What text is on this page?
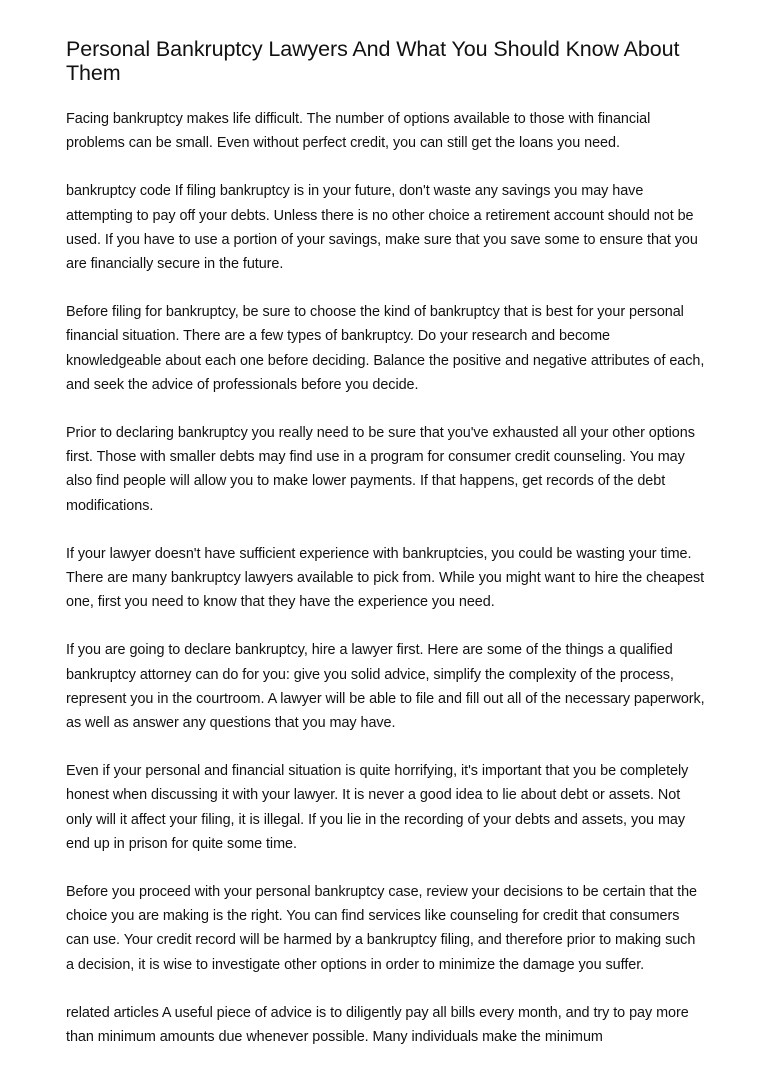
Personal Bankruptcy Lawyers And What You Should Know About Them

Facing bankruptcy makes life difficult. The number of options available to those with financial problems can be small. Even without perfect credit, you can still get the loans you need.

bankruptcy code If filing bankruptcy is in your future, don't waste any savings you may have attempting to pay off your debts. Unless there is no other choice a retirement account should not be used. If you have to use a portion of your savings, make sure that you save some to ensure that you are financially secure in the future.

Before filing for bankruptcy, be sure to choose the kind of bankruptcy that is best for your personal financial situation. There are a few types of bankruptcy. Do your research and become knowledgeable about each one before deciding. Balance the positive and negative attributes of each, and seek the advice of professionals before you decide.

Prior to declaring bankruptcy you really need to be sure that you've exhausted all your other options first. Those with smaller debts may find use in a program for consumer credit counseling. You may also find people will allow you to make lower payments. If that happens, get records of the debt modifications.

If your lawyer doesn't have sufficient experience with bankruptcies, you could be wasting your time. There are many bankruptcy lawyers available to pick from. While you might want to hire the cheapest one, first you need to know that they have the experience you need.

If you are going to declare bankruptcy, hire a lawyer first. Here are some of the things a qualified bankruptcy attorney can do for you: give you solid advice, simplify the complexity of the process, represent you in the courtroom. A lawyer will be able to file and fill out all of the necessary paperwork, as well as answer any questions that you may have.

Even if your personal and financial situation is quite horrifying, it's important that you be completely honest when discussing it with your lawyer. It is never a good idea to lie about debt or assets. Not only will it affect your filing, it is illegal. If you lie in the recording of your debts and assets, you may end up in prison for quite some time.

Before you proceed with your personal bankruptcy case, review your decisions to be certain that the choice you are making is the right. You can find services like counseling for credit that consumers can use. Your credit record will be harmed by a bankruptcy filing, and therefore prior to making such a decision, it is wise to investigate other options in order to minimize the damage you suffer.

related articles A useful piece of advice is to diligently pay all bills every month, and try to pay more than minimum amounts due whenever possible. Many individuals make the minimum
